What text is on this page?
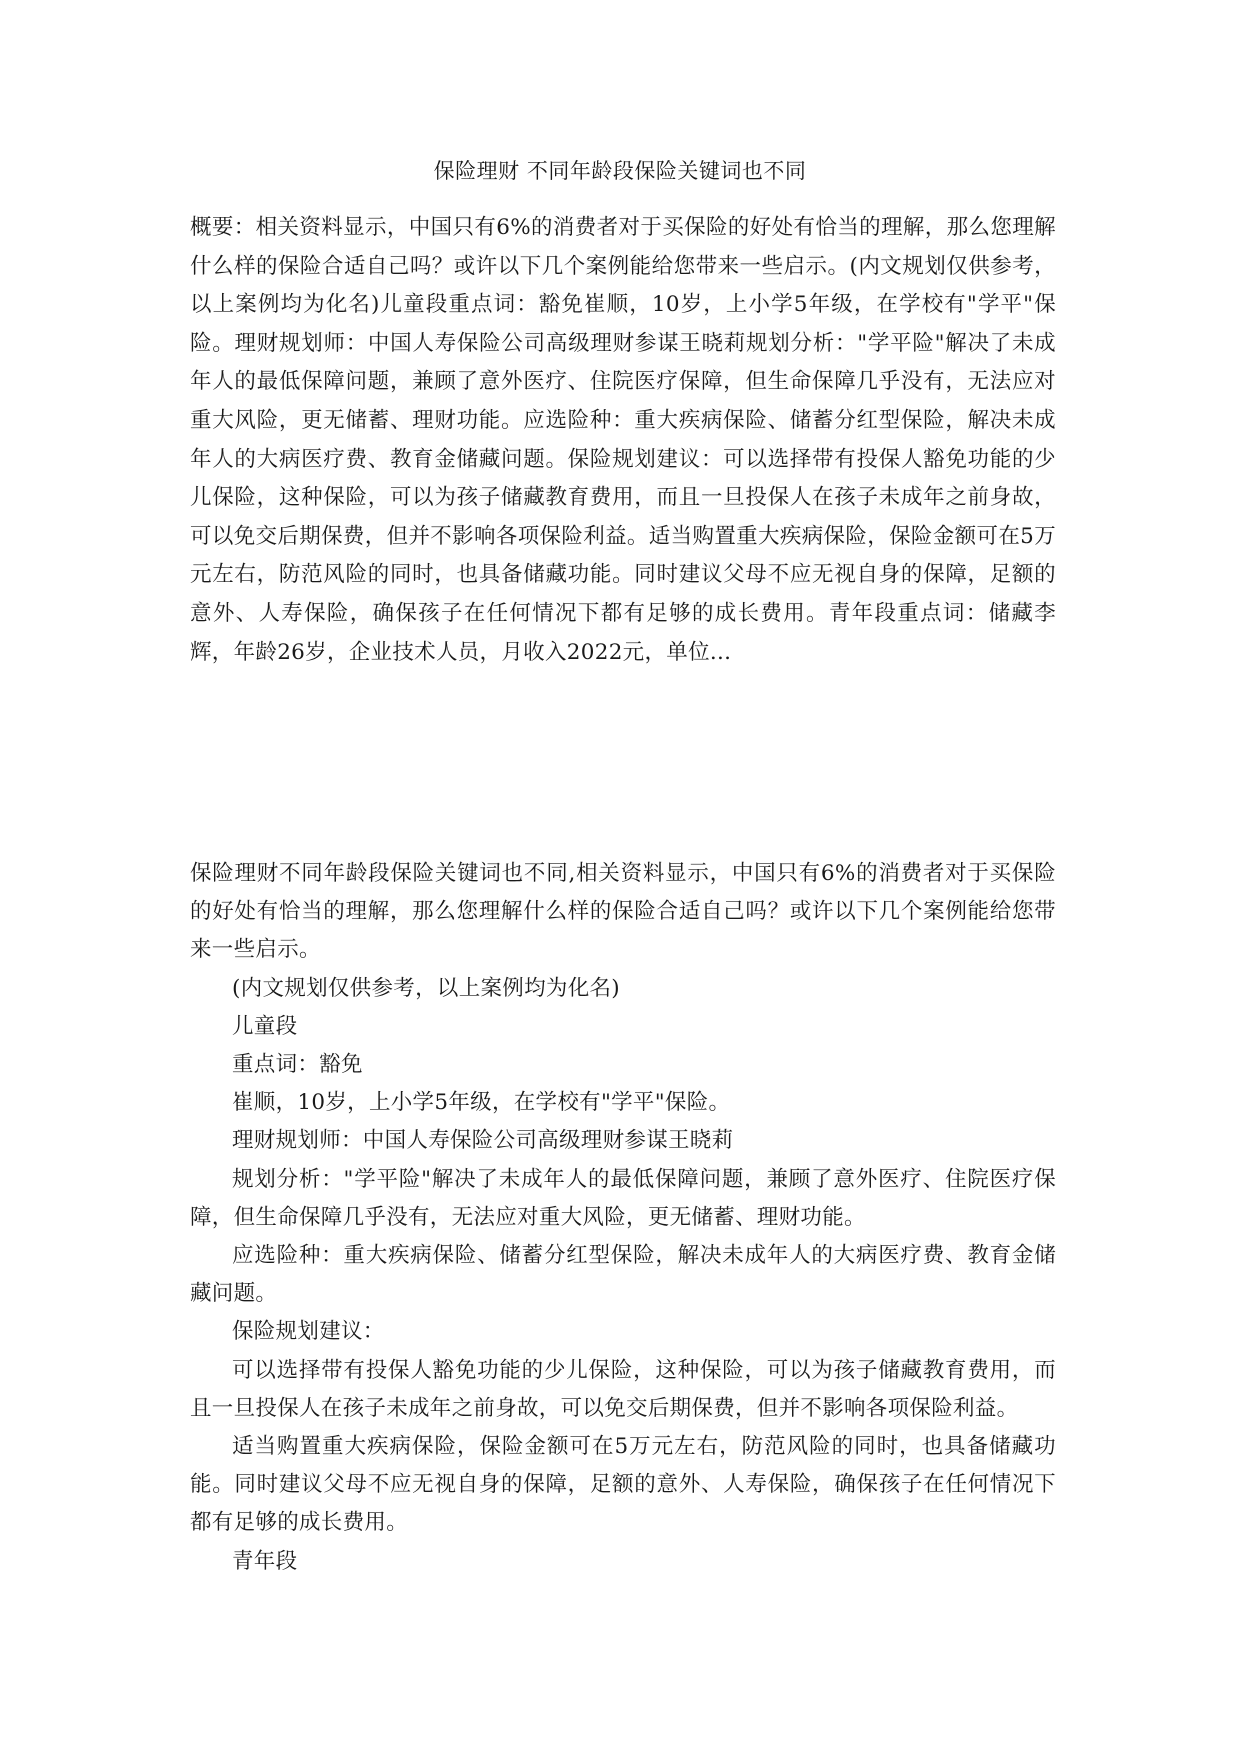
保险理财 不同年龄段保险关键词也不同
概要：相关资料显示，中国只有6%的消费者对于买保险的好处有恰当的理解，那么您理解什么样的保险合适自己吗？或许以下几个案例能给您带来一些启示。(内文规划仅供参考，以上案例均为化名)儿童段重点词：豁免崔顺，10岁，上小学5年级，在学校有"学平"保险。理财规划师：中国人寿保险公司高级理财参谋王晓莉规划分析："学平险"解决了未成年人的最低保障问题，兼顾了意外医疗、住院医疗保障，但生命保障几乎没有，无法应对重大风险，更无储蓄、理财功能。应选险种：重大疾病保险、储蓄分红型保险，解决未成年人的大病医疗费、教育金储藏问题。保险规划建议：可以选择带有投保人豁免功能的少儿保险，这种保险，可以为孩子储藏教育费用，而且一旦投保人在孩子未成年之前身故，可以免交后期保费，但并不影响各项保险利益。适当购置重大疾病保险，保险金额可在5万元左右，防范风险的同时，也具备储藏功能。同时建议父母不应无视自身的保障，足额的意外、人寿保险，确保孩子在任何情况下都有足够的成长费用。青年段重点词：储藏李辉，年龄26岁，企业技术人员，月收入2022元，单位...

保险理财不同年龄段保险关键词也不同,相关资料显示，中国只有6%的消费者对于买保险的好处有恰当的理解，那么您理解什么样的保险合适自己吗？或许以下几个案例能给您带来一些启示。

(内文规划仅供参考，以上案例均为化名)

儿童段

重点词：豁免

崔顺，10岁，上小学5年级，在学校有"学平"保险。

理财规划师：中国人寿保险公司高级理财参谋王晓莉

规划分析："学平险"解决了未成年人的最低保障问题，兼顾了意外医疗、住院医疗保障，但生命保障几乎没有，无法应对重大风险，更无储蓄、理财功能。

应选险种：重大疾病保险、储蓄分红型保险，解决未成年人的大病医疗费、教育金储藏问题。

保险规划建议：

可以选择带有投保人豁免功能的少儿保险，这种保险，可以为孩子储藏教育费用，而且一旦投保人在孩子未成年之前身故，可以免交后期保费，但并不影响各项保险利益。

适当购置重大疾病保险，保险金额可在5万元左右，防范风险的同时，也具备储藏功能。同时建议父母不应无视自身的保障，足额的意外、人寿保险，确保孩子在任何情况下都有足够的成长费用。

青年段
